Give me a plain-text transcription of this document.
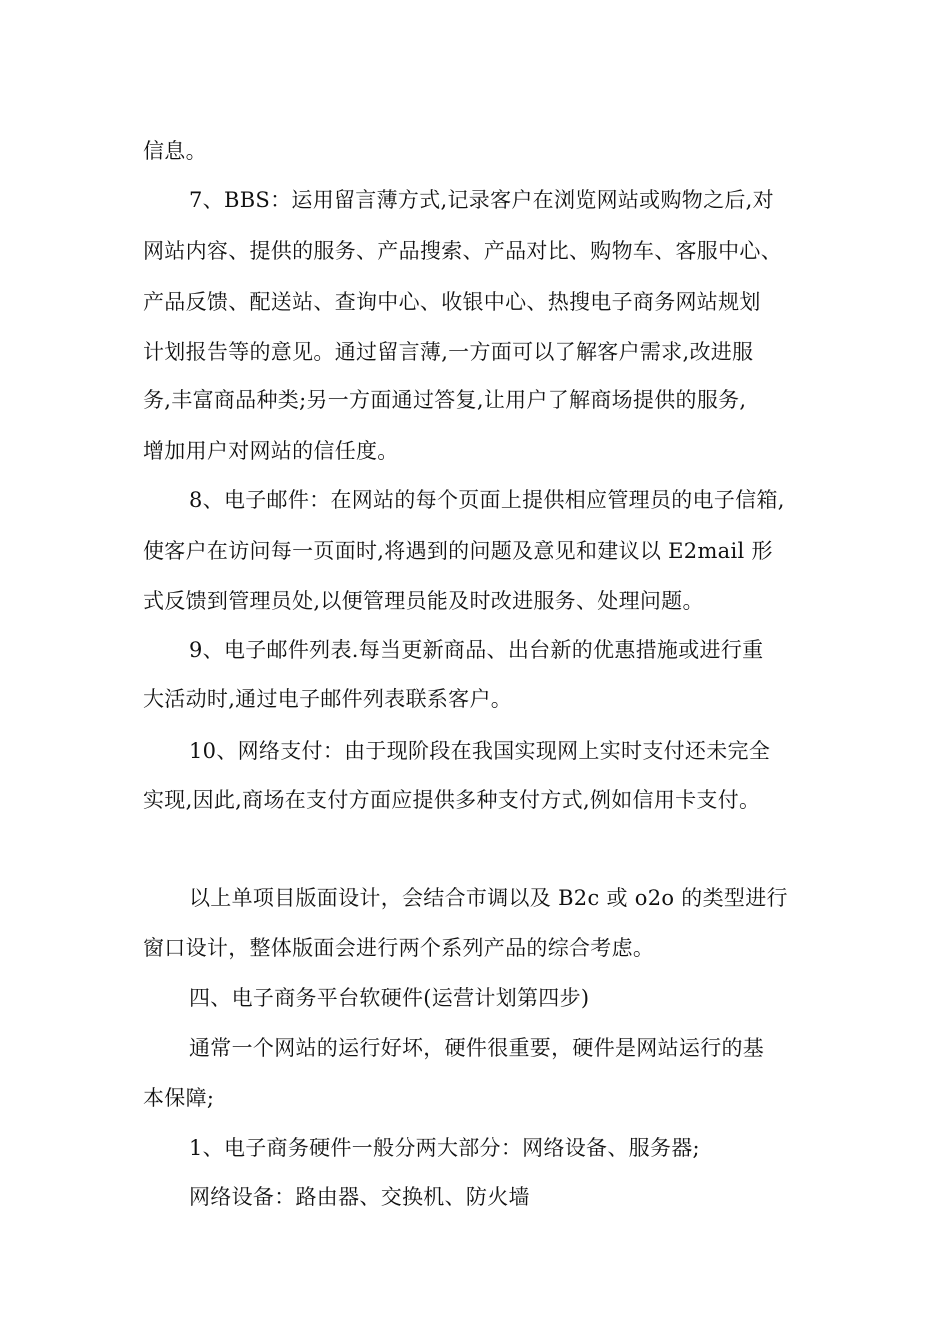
信息。
7、BBS：运用留言薄方式,记录客户在浏览网站或购物之后,对
网站内容、提供的服务、产品搜索、产品对比、购物车、客服中心、
产品反馈、配送站、查询中心、收银中心、热搜电子商务网站规划
计划报告等的意见。通过留言薄,一方面可以了解客户需求,改进服
务,丰富商品种类;另一方面通过答复,让用户了解商场提供的服务,
增加用户对网站的信任度。
8、电子邮件：在网站的每个页面上提供相应管理员的电子信箱,
使客户在访问每一页面时,将遇到的问题及意见和建议以 E2mail 形
式反馈到管理员处,以便管理员能及时改进服务、处理问题。
9、电子邮件列表.每当更新商品、出台新的优惠措施或进行重
大活动时,通过电子邮件列表联系客户。
10、网络支付：由于现阶段在我国实现网上实时支付还未完全
实现,因此,商场在支付方面应提供多种支付方式,例如信用卡支付。
以上单项目版面设计，会结合市调以及 B2c 或 o2o 的类型进行
窗口设计，整体版面会进行两个系列产品的综合考虑。
四、电子商务平台软硬件(运营计划第四步)
通常一个网站的运行好坏，硬件很重要，硬件是网站运行的基
本保障;
1、电子商务硬件一般分两大部分：网络设备、服务器;
网络设备：路由器、交换机、防火墙
